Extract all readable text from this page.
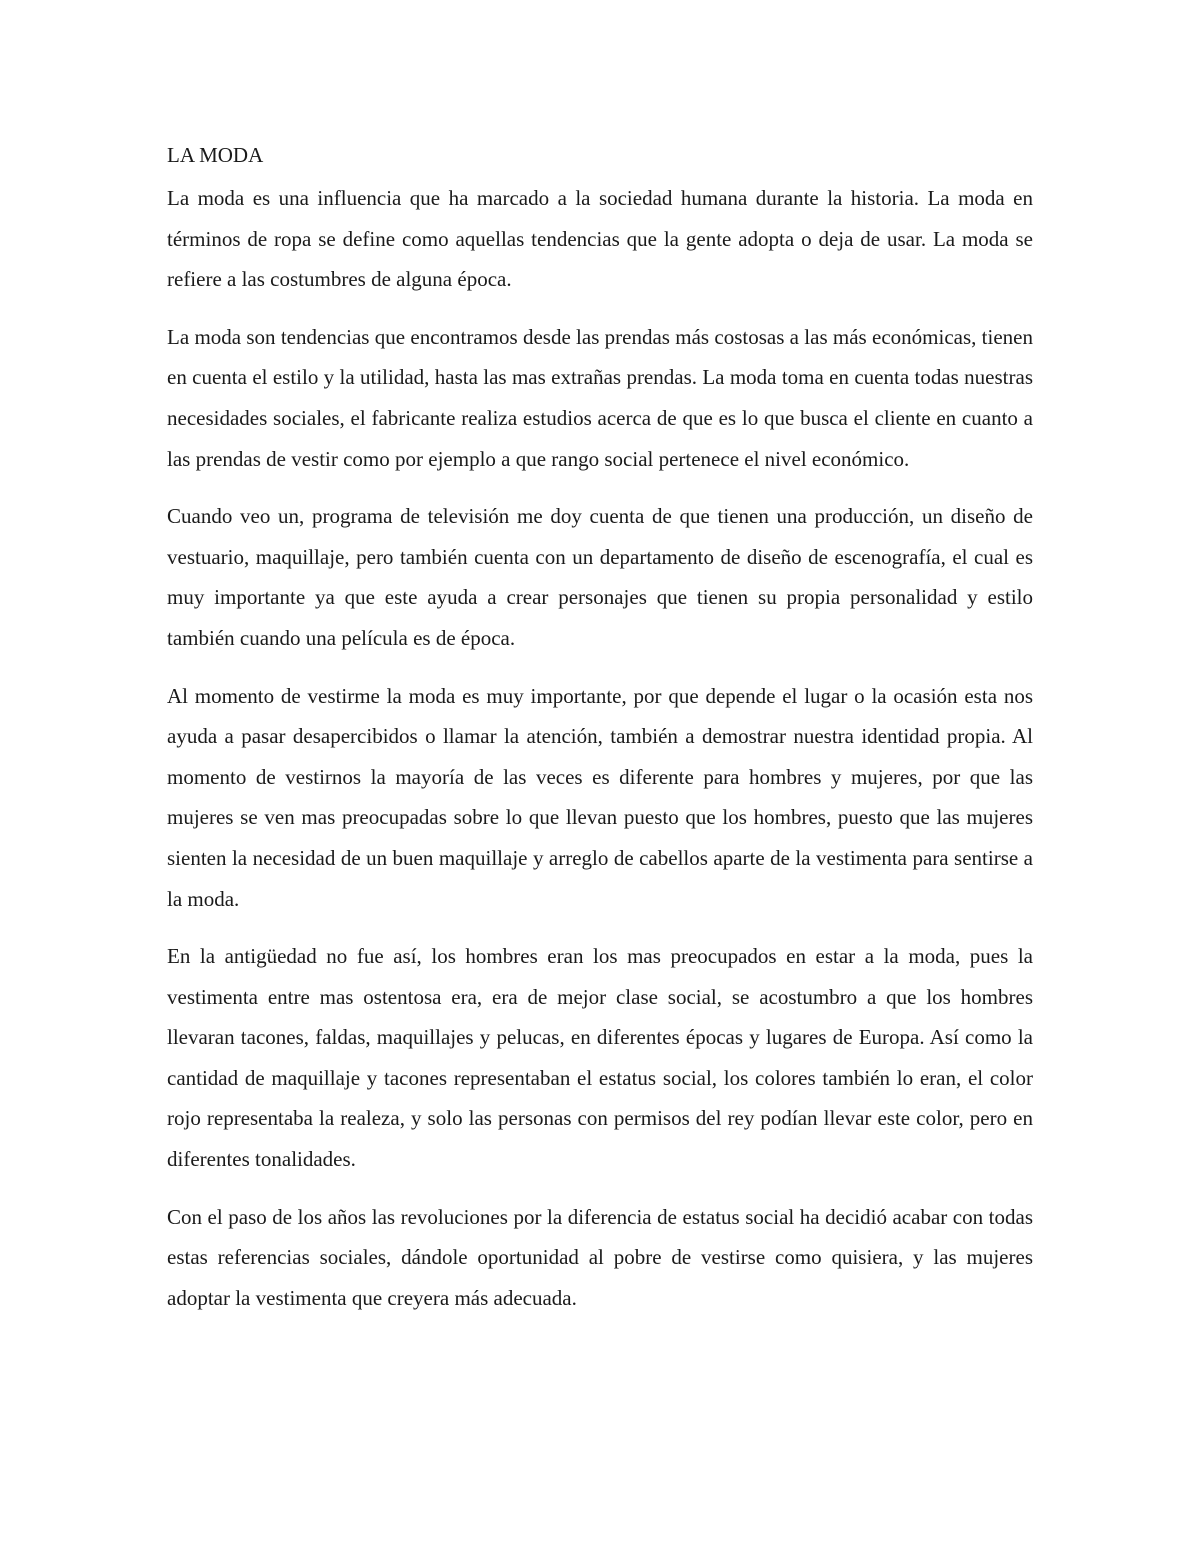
LA MODA

La moda es una influencia que ha marcado a la sociedad humana durante la historia. La moda en términos de ropa se define como aquellas tendencias que la gente adopta o deja de usar. La moda se refiere a las costumbres de alguna época.

La moda son tendencias que encontramos desde las prendas más costosas a las más económicas, tienen en cuenta el estilo y la utilidad, hasta las mas extrañas prendas. La moda toma en cuenta todas nuestras necesidades sociales, el fabricante realiza estudios acerca de que es lo que busca el cliente en cuanto a las prendas de vestir como por ejemplo a que rango social pertenece el nivel económico.

Cuando veo un, programa de televisión me doy cuenta de que tienen una producción, un diseño de vestuario, maquillaje, pero también cuenta con un departamento de diseño de escenografía, el cual es muy importante ya que este ayuda a crear personajes que tienen su propia personalidad y estilo también cuando una película es de época.

Al momento de vestirme la moda es muy importante, por que depende el lugar o la ocasión esta nos ayuda a pasar desapercibidos o llamar la atención, también a demostrar nuestra identidad propia. Al momento de vestirnos la mayoría de las veces es diferente para hombres y mujeres, por que las mujeres se ven mas preocupadas sobre lo que llevan puesto que los hombres, puesto que las mujeres sienten la necesidad de un buen maquillaje y arreglo de cabellos aparte de la vestimenta para sentirse a la moda.

En la antigüedad no fue así, los hombres eran los mas preocupados en estar a la moda, pues la vestimenta entre mas ostentosa era, era de mejor clase social, se acostumbro a que los hombres llevaran tacones, faldas, maquillajes y pelucas, en diferentes épocas y lugares de Europa. Así como la cantidad de maquillaje y tacones representaban el estatus social, los colores también lo eran, el color rojo representaba la realeza, y solo las personas con permisos del rey podían llevar este color, pero en diferentes tonalidades.

Con el paso de los años las revoluciones por la diferencia de estatus social ha decidió acabar con todas estas referencias sociales, dándole oportunidad al pobre de vestirse como quisiera, y las mujeres adoptar la vestimenta que creyera más adecuada.
